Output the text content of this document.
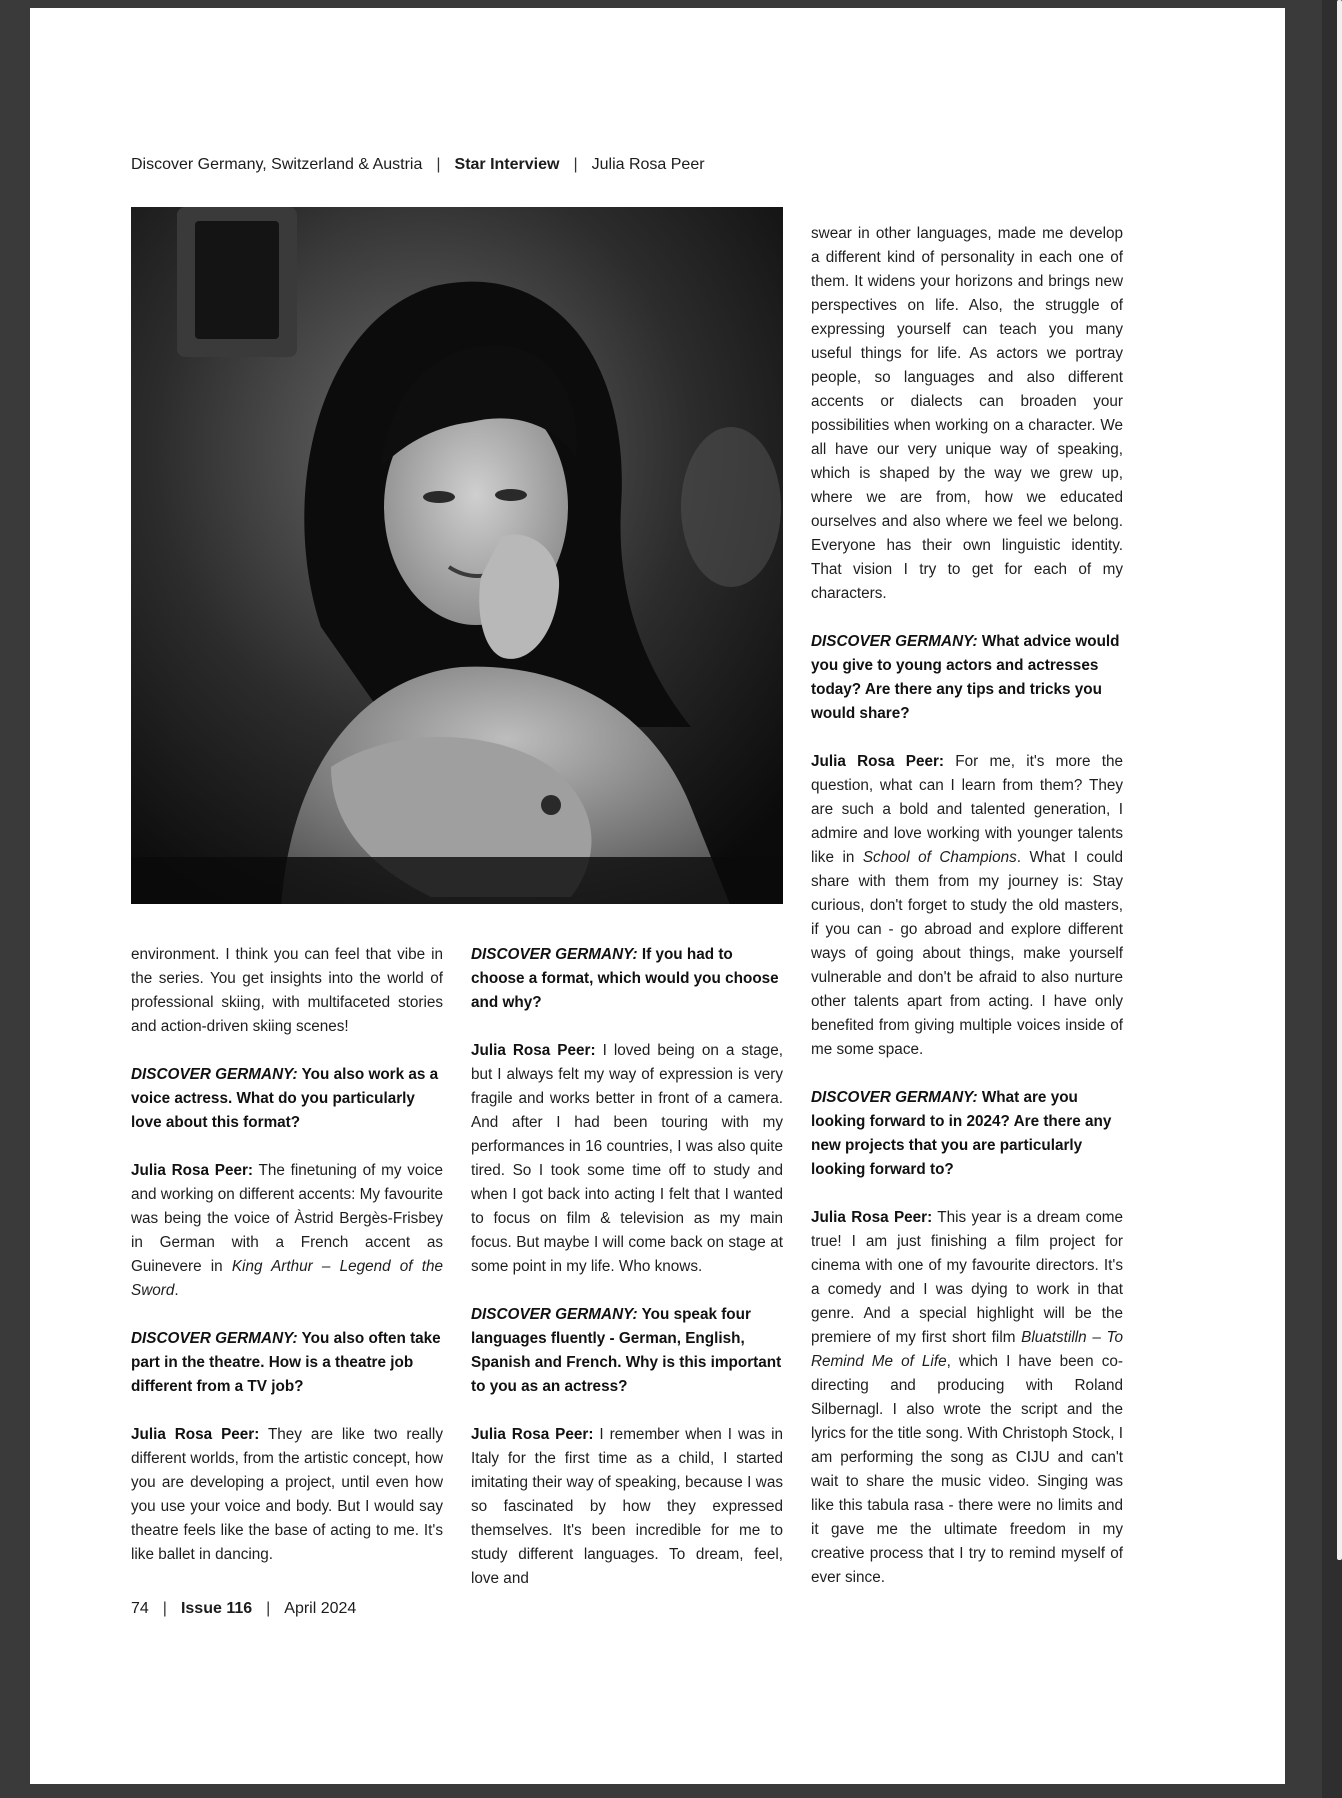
Discover Germany, Switzerland & Austria | Star Interview | Julia Rosa Peer

environment. I think you can feel that vibe in the series. You get insights into the world of professional skiing, with multifaceted stories and action-driven skiing scenes!

DISCOVER GERMANY: You also work as a voice actress. What do you particularly love about this format?

Julia Rosa Peer: The finetuning of my voice and working on different accents: My favourite was being the voice of Àstrid Bergès-Frisbey in German with a French accent as Guinevere in King Arthur – Legend of the Sword.

DISCOVER GERMANY: You also often take part in the theatre. How is a theatre job different from a TV job?

Julia Rosa Peer: They are like two really different worlds, from the artistic concept, how you are developing a project, until even how you use your voice and body. But I would say theatre feels like the base of acting to me. It's like ballet in dancing.

DISCOVER GERMANY: If you had to choose a format, which would you choose and why?

Julia Rosa Peer: I loved being on a stage, but I always felt my way of expression is very fragile and works better in front of a camera. And after I had been touring with my performances in 16 countries, I was also quite tired. So I took some time off to study and when I got back into acting I felt that I wanted to focus on film & television as my main focus. But maybe I will come back on stage at some point in my life. Who knows.

DISCOVER GERMANY: You speak four languages fluently - German, English, Spanish and French. Why is this important to you as an actress?

Julia Rosa Peer: I remember when I was in Italy for the first time as a child, I started imitating their way of speaking, because I was so fascinated by how they expressed themselves. It's been incredible for me to study different languages. To dream, feel, love and

swear in other languages, made me develop a different kind of personality in each one of them. It widens your horizons and brings new perspectives on life. Also, the struggle of expressing yourself can teach you many useful things for life. As actors we portray people, so languages and also different accents or dialects can broaden your possibilities when working on a character. We all have our very unique way of speaking, which is shaped by the way we grew up, where we are from, how we educated ourselves and also where we feel we belong. Everyone has their own linguistic identity. That vision I try to get for each of my characters.

DISCOVER GERMANY: What advice would you give to young actors and actresses today? Are there any tips and tricks you would share?

Julia Rosa Peer: For me, it's more the question, what can I learn from them? They are such a bold and talented generation, I admire and love working with younger talents like in School of Champions. What I could share with them from my journey is: Stay curious, don't forget to study the old masters, if you can - go abroad and explore different ways of going about things, make yourself vulnerable and don't be afraid to also nurture other talents apart from acting. I have only benefited from giving multiple voices inside of me some space.

DISCOVER GERMANY: What are you looking forward to in 2024? Are there any new projects that you are particularly looking forward to?

Julia Rosa Peer: This year is a dream come true! I am just finishing a film project for cinema with one of my favourite directors. It's a comedy and I was dying to work in that genre. And a special highlight will be the premiere of my first short film Bluatstilln – To Remind Me of Life, which I have been co-directing and producing with Roland Silbernagl. I also wrote the script and the lyrics for the title song. With Christoph Stock, I am performing the song as CIJU and can't wait to share the music video. Singing was like this tabula rasa - there were no limits and it gave me the ultimate freedom in my creative process that I try to remind myself of ever since.

74 | Issue 116 | April 2024
